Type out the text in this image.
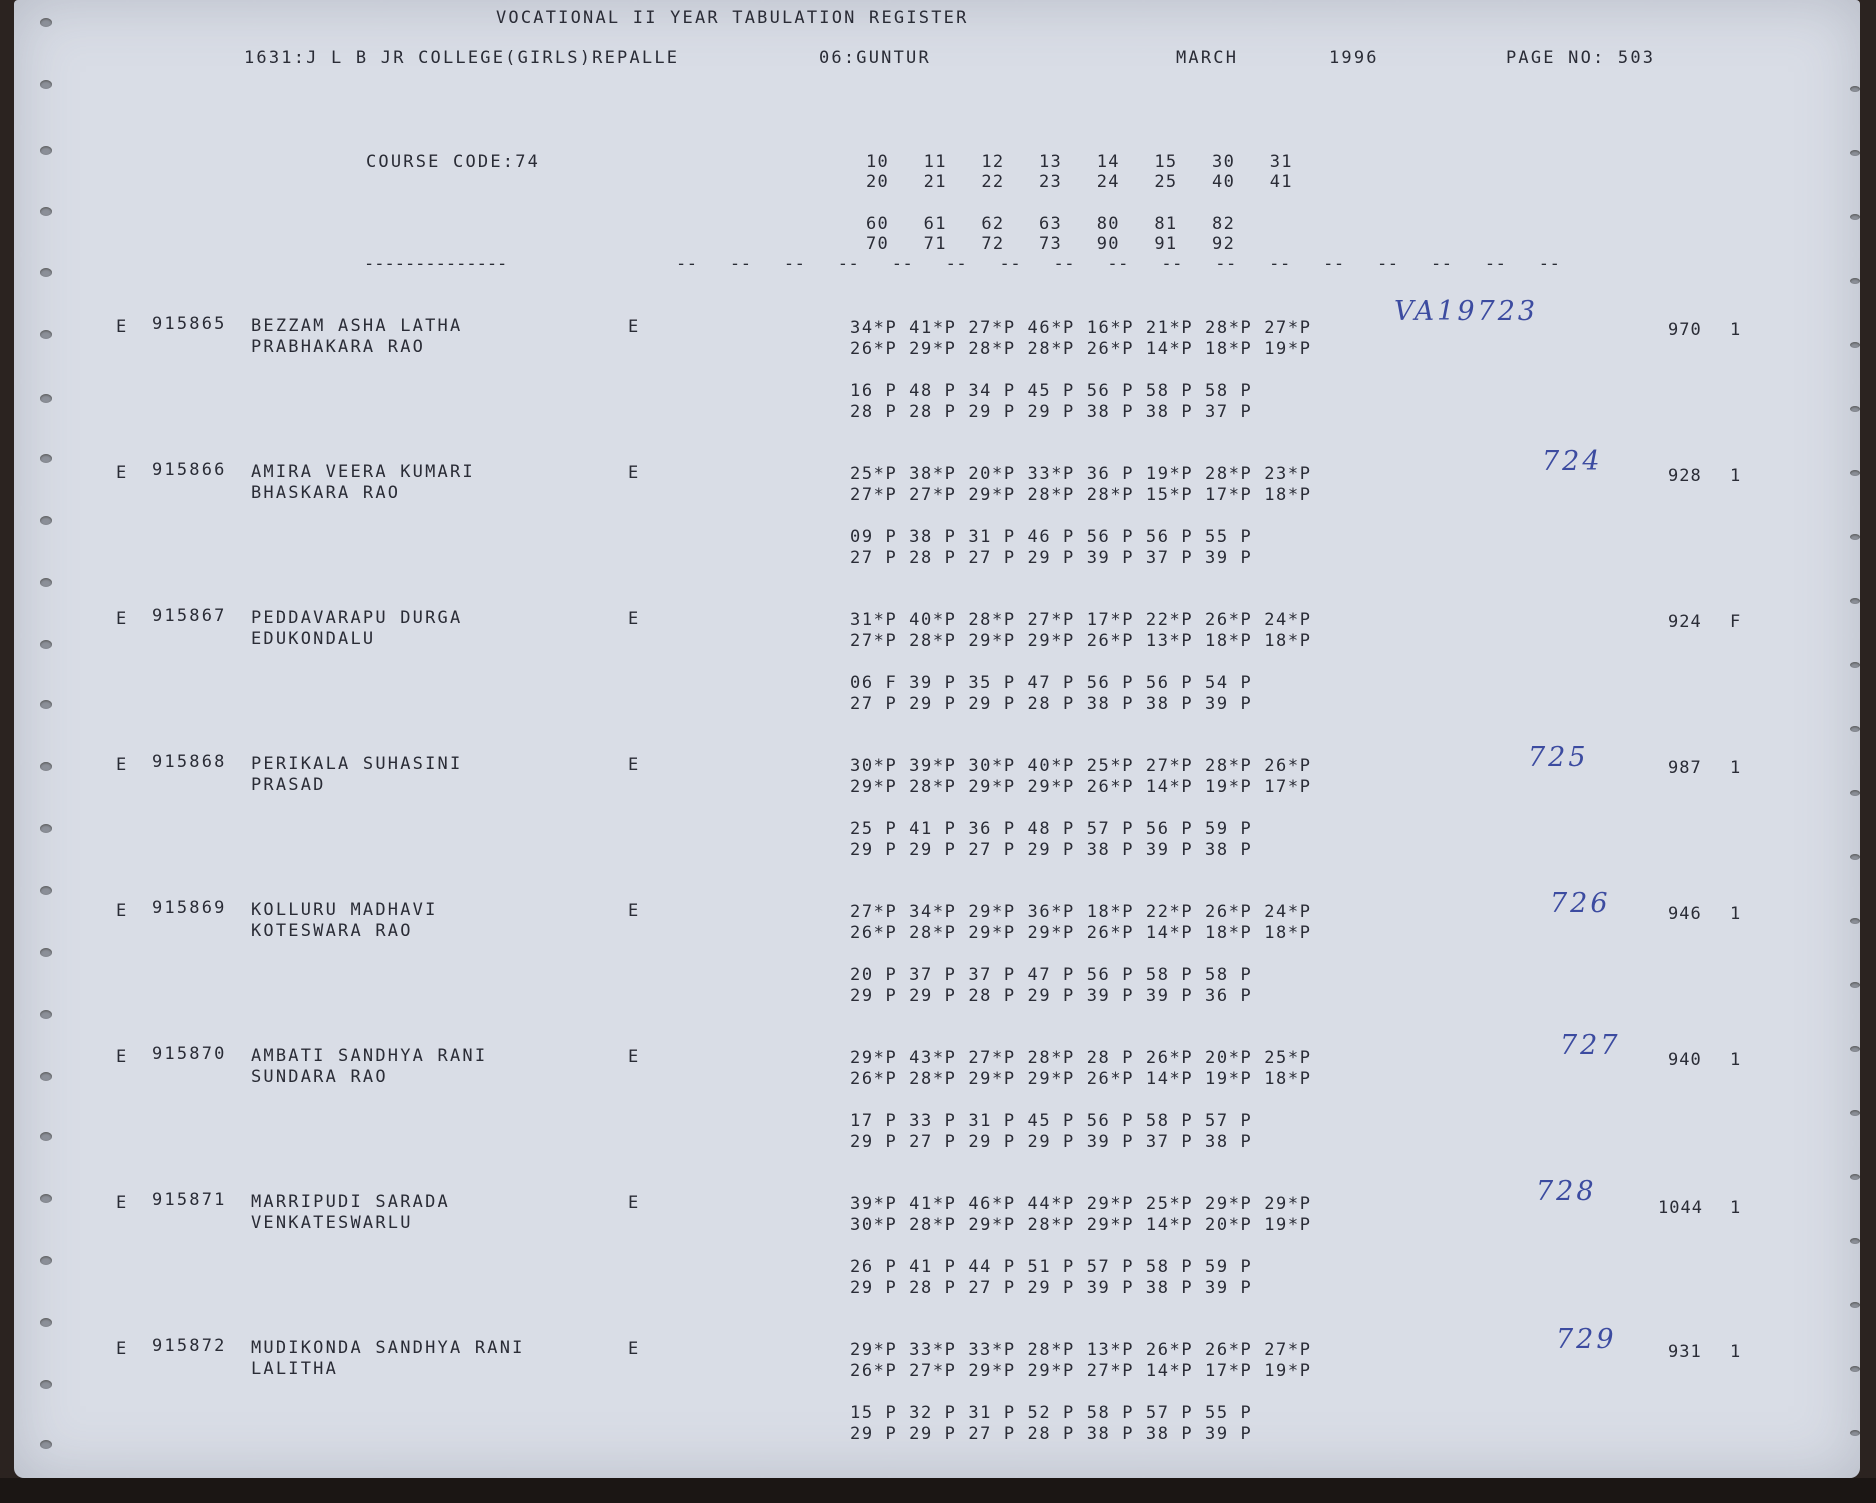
VOCATIONAL II YEAR TABULATION REGISTER
1631:J L B JR COLLEGE(GIRLS)REPALLE	06:GUNTUR	MARCH	1996	PAGE NO: 503
COURSE CODE:74	10   11   12   13   14   15   30   31
20   21   22   23   24   25   40   41
60   61   62   63   80   81   82
70   71   72   73   90   91   92
--------------	--   --   --   --   --   --   --   --   --   --   --   --   --   --   --   --   --
E 915865 BEZZAM ASHA LATHA
PRABHAKARA RAO
E	34*P 41*P 27*P 46*P 16*P 21*P 28*P 27*P
26*P 29*P 28*P 28*P 26*P 14*P 18*P 19*P
16 P 48 P 34 P 45 P 56 P 58 P 58 P
28 P 28 P 29 P 29 P 38 P 38 P 37 P
VA19723
970 1
E 915866 AMIRA VEERA KUMARI
BHASKARA RAO
E	25*P 38*P 20*P 33*P 36 P 19*P 28*P 23*P
27*P 27*P 29*P 28*P 28*P 15*P 17*P 18*P
09 P 38 P 31 P 46 P 56 P 56 P 55 P
27 P 28 P 27 P 29 P 39 P 37 P 39 P
724	928 1
E 915867 PEDDAVARAPU DURGA
EDUKONDALU
E	31*P 40*P 28*P 27*P 17*P 22*P 26*P 24*P
27*P 28*P 29*P 29*P 26*P 13*P 18*P 18*P
06 F 39 P 35 P 47 P 56 P 56 P 54 P
27 P 29 P 29 P 28 P 38 P 38 P 39 P
924 F
E 915868 PERIKALA SUHASINI
PRASAD
E	30*P 39*P 30*P 40*P 25*P 27*P 28*P 26*P
29*P 28*P 29*P 29*P 26*P 14*P 19*P 17*P
25 P 41 P 36 P 48 P 57 P 56 P 59 P
29 P 29 P 27 P 29 P 38 P 39 P 38 P
725	987 1
E 915869 KOLLURU MADHAVI
KOTESWARA RAO
E	27*P 34*P 29*P 36*P 18*P 22*P 26*P 24*P
26*P 28*P 29*P 29*P 26*P 14*P 18*P 18*P
20 P 37 P 37 P 47 P 56 P 58 P 58 P
29 P 29 P 28 P 29 P 39 P 39 P 36 P
726	946 1
E 915870 AMBATI SANDHYA RANI
SUNDARA RAO
E	29*P 43*P 27*P 28*P 28 P 26*P 20*P 25*P
26*P 28*P 29*P 29*P 26*P 14*P 19*P 18*P
17 P 33 P 31 P 45 P 56 P 58 P 57 P
29 P 27 P 29 P 29 P 39 P 37 P 38 P
727	940 1
E 915871 MARRIPUDI SARADA
VENKATESWARLU
E	39*P 41*P 46*P 44*P 29*P 25*P 29*P 29*P
30*P 28*P 29*P 28*P 29*P 14*P 20*P 19*P
26 P 41 P 44 P 51 P 57 P 58 P 59 P
29 P 28 P 27 P 29 P 39 P 38 P 39 P
728
1044 1
E 915872 MUDIKONDA SANDHYA RANI
LALITHA
E	29*P 33*P 33*P 28*P 13*P 26*P 26*P 27*P
26*P 27*P 29*P 29*P 27*P 14*P 17*P 19*P
15 P 32 P 31 P 52 P 58 P 57 P 55 P
29 P 29 P 27 P 28 P 38 P 38 P 39 P
729	931 1
